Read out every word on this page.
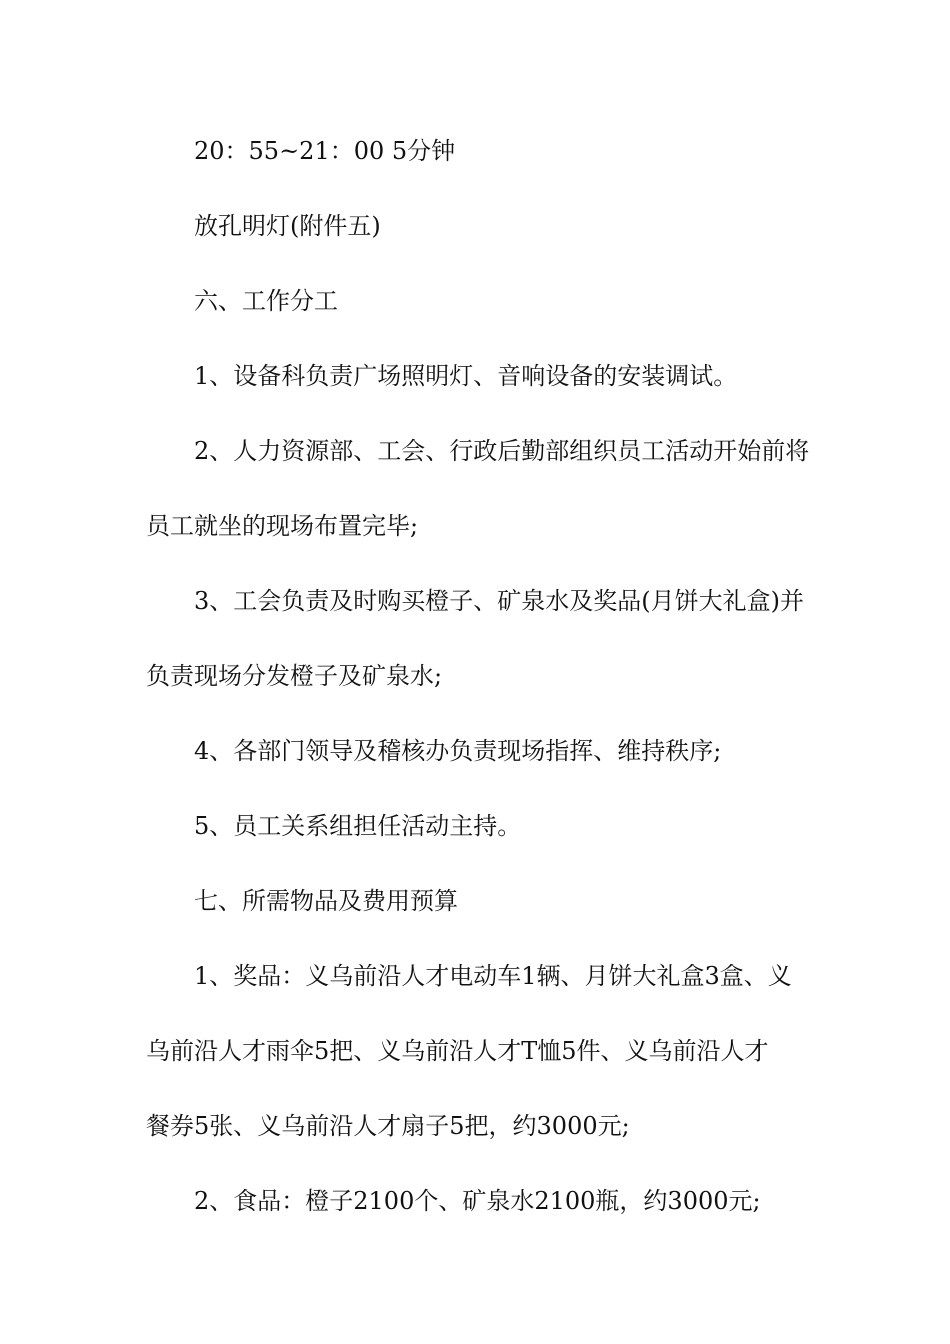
20：55~21：00 5分钟
放孔明灯(附件五)
六、工作分工
1、设备科负责广场照明灯、音响设备的安装调试。
2、人力资源部、工会、行政后勤部组织员工活动开始前将
员工就坐的现场布置完毕;
3、工会负责及时购买橙子、矿泉水及奖品(月饼大礼盒)并
负责现场分发橙子及矿泉水;
4、各部门领导及稽核办负责现场指挥、维持秩序;
5、员工关系组担任活动主持。
七、所需物品及费用预算
1、奖品：义乌前沿人才电动车1辆、月饼大礼盒3盒、义
乌前沿人才雨伞5把、义乌前沿人才T恤5件、义乌前沿人才
餐券5张、义乌前沿人才扇子5把，约3000元;
2、食品：橙子2100个、矿泉水2100瓶，约3000元;
